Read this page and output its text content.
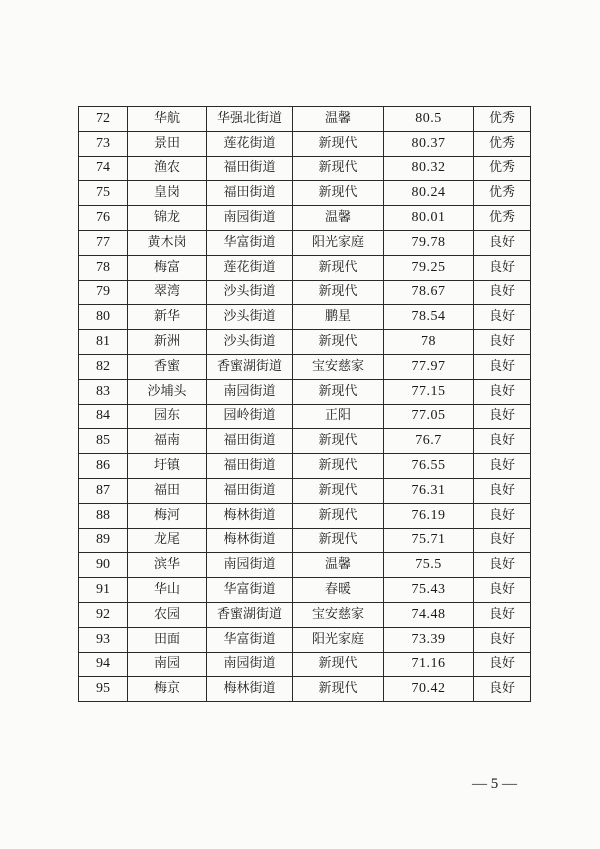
72	华航	华强北街道	温馨	80.5	优秀
73	景田	莲花街道	新现代	80.37	优秀
74	渔农	福田街道	新现代	80.32	优秀
75	皇岗	福田街道	新现代	80.24	优秀
76	锦龙	南园街道	温馨	80.01	优秀
77	黄木岗	华富街道	阳光家庭	79.78	良好
78	梅富	莲花街道	新现代	79.25	良好
79	翠湾	沙头街道	新现代	78.67	良好
80	新华	沙头街道	鹏星	78.54	良好
81	新洲	沙头街道	新现代	78	良好
82	香蜜	香蜜湖街道	宝安慈家	77.97	良好
83	沙埔头	南园街道	新现代	77.15	良好
84	园东	园岭街道	正阳	77.05	良好
85	福南	福田街道	新现代	76.7	良好
86	圩镇	福田街道	新现代	76.55	良好
87	福田	福田街道	新现代	76.31	良好
88	梅河	梅林街道	新现代	76.19	良好
89	龙尾	梅林街道	新现代	75.71	良好
90	滨华	南园街道	温馨	75.5	良好
91	华山	华富街道	春暖	75.43	良好
92	农园	香蜜湖街道	宝安慈家	74.48	良好
93	田面	华富街道	阳光家庭	73.39	良好
94	南园	南园街道	新现代	71.16	良好
95	梅京	梅林街道	新现代	70.42	良好
— 5 —
